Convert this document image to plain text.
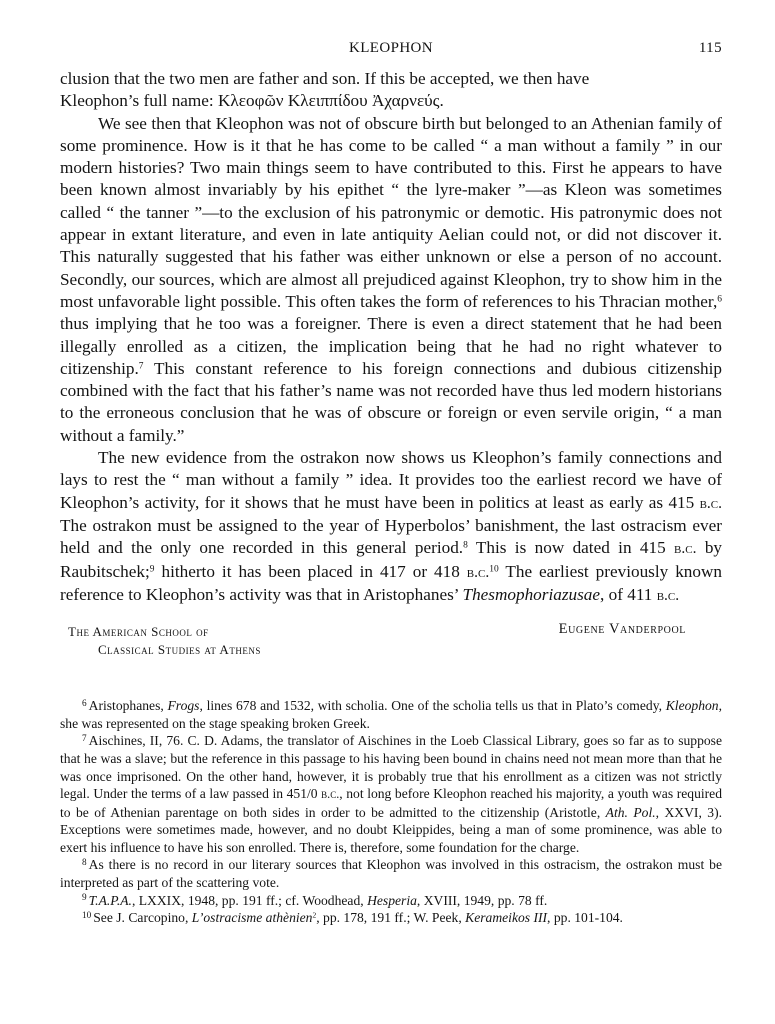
KLEOPHON	115

clusion that the two men are father and son. If this be accepted, we then have
Kleophon’s full name: Κλεοφῶν Κλειππίδου Ἀχαρνεύς.

We see then that Kleophon was not of obscure birth but belonged to an Athenian family of some prominence. How is it that he has come to be called “ a man without a family ” in our modern histories? Two main things seem to have contributed to this. First he appears to have been known almost invariably by his epithet “ the lyre-maker ”—as Kleon was sometimes called “ the tanner ”—to the exclusion of his patronymic or demotic. His patronymic does not appear in extant literature, and even in late antiquity Aelian could not, or did not discover it. This naturally suggested that his father was either unknown or else a person of no account. Secondly, our sources, which are almost all prejudiced against Kleophon, try to show him in the most unfavorable light possible. This often takes the form of references to his Thracian mother,$^6$ thus implying that he too was a foreigner. There is even a direct statement that he had been illegally enrolled as a citizen, the implication being that he had no right whatever to citizenship.$^7$ This constant reference to his foreign connections and dubious citizenship combined with the fact that his father’s name was not recorded have thus led modern historians to the erroneous conclusion that he was of obscure or foreign or even servile origin, “ a man without a family.”

The new evidence from the ostrakon now shows us Kleophon’s family connections and lays to rest the “ man without a family ” idea. It provides too the earliest record we have of Kleophon’s activity, for it shows that he must have been in politics at least as early as 415 b.c. The ostrakon must be assigned to the year of Hyperbolos’ banishment, the last ostracism ever held and the only one recorded in this general period.$^8$ This is now dated in 415 b.c. by Raubitschek;$^9$ hitherto it has been placed in 417 or 418 b.c.$^{10}$ The earliest previously known reference to Kleophon’s activity was that in Aristophanes’ Thesmophoriazusae, of 411 b.c.

The American School of

Classical Studies at Athens
Eugene Vanderpool

$^6$ Aristophanes, Frogs, lines 678 and 1532, with scholia. One of the scholia tells us that in Plato’s comedy, Kleophon, she was represented on the stage speaking broken Greek.

$^7$ Aischines, II, 76. C. D. Adams, the translator of Aischines in the Loeb Classical Library, goes so far as to suppose that he was a slave; but the reference in this passage to his having been bound in chains need not mean more than that he was once imprisoned. On the other hand, however, it is probably true that his enrollment as a citizen was not strictly legal. Under the terms of a law passed in 451/0 b.c., not long before Kleophon reached his majority, a youth was required to be of Athenian parentage on both sides in order to be admitted to the citizenship (Aristotle, Ath. Pol., XXVI, 3). Exceptions were sometimes made, however, and no doubt Kleippides, being a man of some prominence, was able to exert his influence to have his son enrolled. There is, therefore, some foundation for the charge.

$^8$ As there is no record in our literary sources that Kleophon was involved in this ostracism, the ostrakon must be interpreted as part of the scattering vote.

$^9$ T.A.P.A., LXXIX, 1948, pp. 191 ff.; cf. Woodhead, Hesperia, XVIII, 1949, pp. 78 ff.

$^{10}$ See J. Carcopino, L’ostracisme athènien$^2$, pp. 178, 191 ff.; W. Peek, Kerameikos III, pp. 101-104.
